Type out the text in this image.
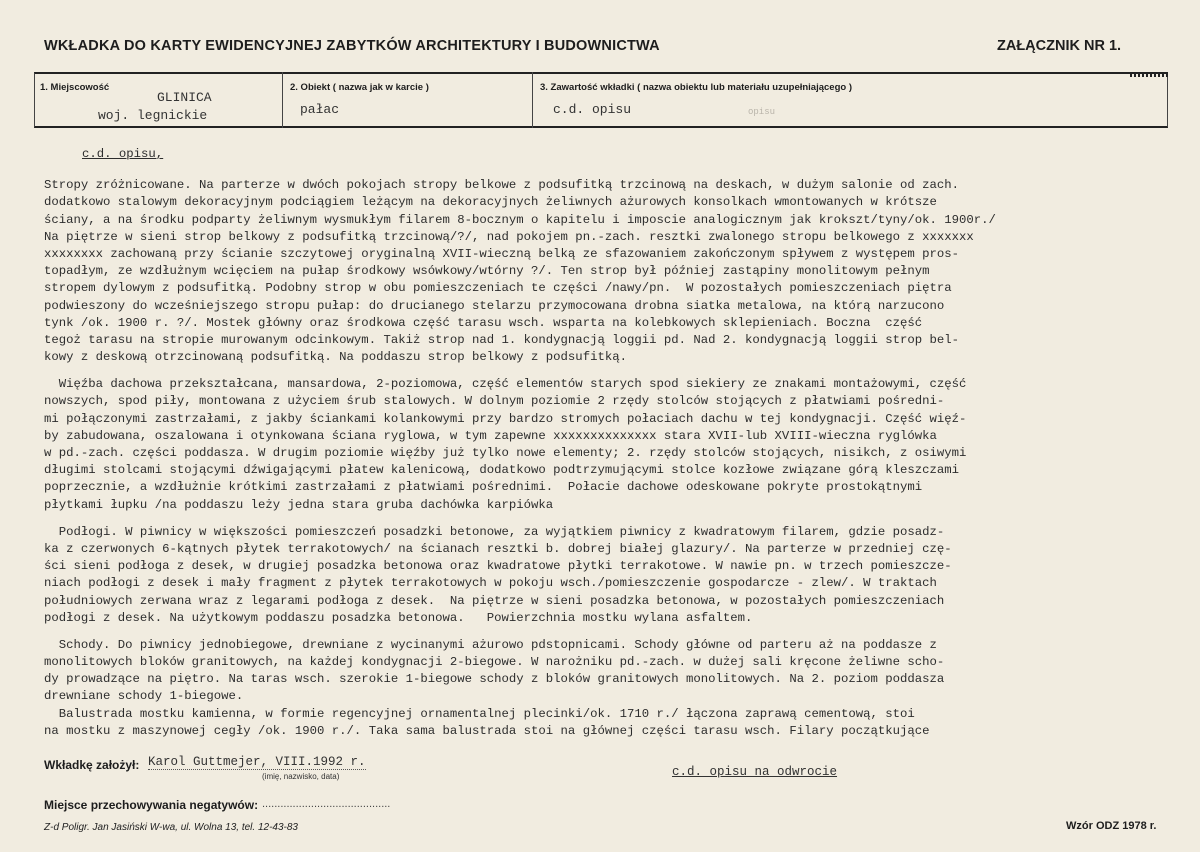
WKŁADKA DO KARTY EWIDENCYJNEJ ZABYTKÓW ARCHITEKTURY I BUDOWNICTWA	ZAŁĄCZNIK NR 1.
1. Miejscowość
GLINICA
woj. legnickie
2. Obiekt ( nazwa jak w karcie )
pałac
3. Zawartość wkładki ( nazwa obiektu lub materiału uzupełniającego )
c.d. opisu	opisu
c.d. opisu,
Stropy zróżnicowane. Na parterze w dwóch pokojach stropy belkowe z podsufitką trzcinową na deskach, w dużym salonie od zach.
dodatkowo stalowym dekoracyjnym podciągiem leżącym na dekoracyjnych żeliwnych ażurowych konsolkach wmontowanych w krótsze
ściany, a na środku podparty żeliwnym wysmukłym filarem 8-bocznym o kapitelu i imposcie analogicznym jak krokszt/tyny/ok. 1900r./
Na piętrze w sieni strop belkowy z podsufitką trzcinową/?/, nad pokojem pn.-zach. resztki zwalonego stropu belkowego z xxxxxxx
xxxxxxxx zachowaną przy ścianie szczytowej oryginalną XVII-wieczną belką ze sfazowaniem zakończonym spływem z występem pros-
topadłym, ze wzdłużnym wcięciem na pułap środkowy wsówkowy/wtórny ?/. Ten strop był później zastąpiny monolitowym pełnym
stropem dylowym z podsufitką. Podobny strop w obu pomieszczeniach te części /nawy/pn.  W pozostałych pomieszczeniach piętra
podwieszony do wcześniejszego stropu pułap: do drucianego stelarzu przymocowana drobna siatka metalowa, na którą narzucono
tynk /ok. 1900 r. ?/. Mostek główny oraz środkowa część tarasu wsch. wsparta na kolebkowych sklepieniach. Boczna  część
tegoż tarasu na stropie murowanym odcinkowym. Takiż strop nad 1. kondygnacją loggii pd. Nad 2. kondygnacją loggii strop bel-
kowy z deskową otrzcinowaną podsufitką. Na poddaszu strop belkowy z podsufitką.
Więźba dachowa przekształcana, mansardowa, 2-poziomowa, część elementów starych spod siekiery ze znakami montażowymi, część
nowszych, spod piły, montowana z użyciem śrub stalowych. W dolnym poziomie 2 rzędy stolców stojących z płatwiami pośredni-
mi połączonymi zastrzałami, z jakby ściankami kolankowymi przy bardzo stromych połaciach dachu w tej kondygnacji. Część więź-
by zabudowana, oszalowana i otynkowana ściana ryglowa, w tym zapewne xxxxxxxxxxxxxx stara XVII-lub XVIII-wieczna ryglówka
w pd.-zach. części poddasza. W drugim poziomie więźby już tylko nowe elementy; 2. rzędy stolców stojących, nisikch, z osiwymi
długimi stolcami stojącymi dźwigającymi płatew kalenicową, dodatkowo podtrzymującymi stolce kozłowe związane górą kleszczami
poprzecznie, a wzdłużnie krótkimi zastrzałami z płatwiami pośrednimi.  Połacie dachowe odeskowane pokryte prostokątnymi
płytkami łupku /na poddaszu leży jedna stara gruba dachówka karpiówka
Podłogi. W piwnicy w większości pomieszczeń posadzki betonowe, za wyjątkiem piwnicy z kwadratowym filarem, gdzie posadz-
ka z czerwonych 6-kątnych płytek terrakotowych/ na ścianach resztki b. dobrej białej glazury/. Na parterze w przedniej czę-
ści sieni podłoga z desek, w drugiej posadzka betonowa oraz kwadratowe płytki terrakotowe. W nawie pn. w trzech pomieszcze-
niach podłogi z desek i mały fragment z płytek terrakotowych w pokoju wsch./pomieszczenie gospodarcze - zlew/. W traktach
południowych zerwana wraz z legarami podłoga z desek.  Na piętrze w sieni posadzka betonowa, w pozostałych pomieszczeniach
podłogi z desek. Na użytkowym poddaszu posadzka betonowa.   Powierzchnia mostku wylana asfaltem.
Schody. Do piwnicy jednobiegowe, drewniane z wycinanymi ażurowo pdstopnicami. Schody główne od parteru aż na poddasze z
monolitowych bloków granitowych, na każdej kondygnacji 2-biegowe. W narożniku pd.-zach. w dużej sali kręcone żeliwne scho-
dy prowadzące na piętro. Na taras wsch. szerokie 1-biegowe schody z bloków granitowych monolitowych. Na 2. poziom poddasza
drewniane schody 1-biegowe.
Balustrada mostku kamienna, w formie regencyjnej ornamentalnej plecinki/ok. 1710 r./ łączona zaprawą cementową, stoi
na mostku z maszynowej cegły /ok. 1900 r./. Taka sama balustrada stoi na głównej części tarasu wsch. Filary początkujące
Wkładkę założył: Karol Guttmejer, VIII.1992 r.
(imię, nazwisko, data)	c.d. opisu na odwrocie
Miejsce przechowywania negatywów: ..........................................
Z-d Poligr. Jan Jasiński W-wa, ul. Wolna 13, tel. 12-43-83	Wzór ODZ 1978 r.
